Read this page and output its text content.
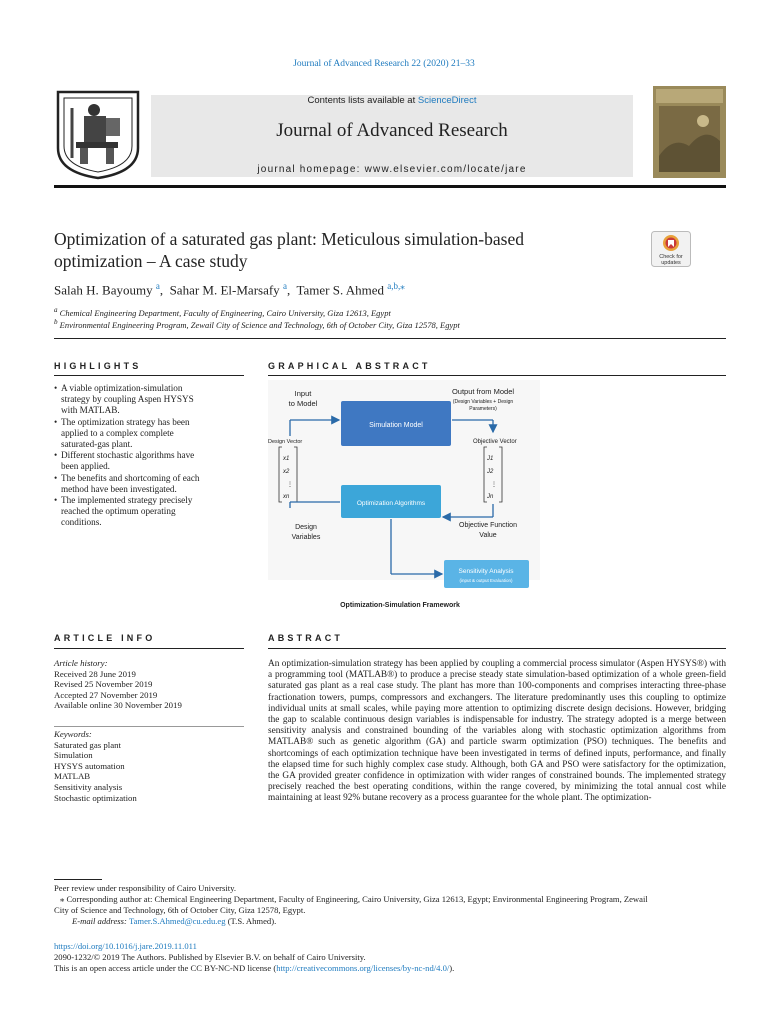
Journal of Advanced Research 22 (2020) 21–33
Contents lists available at ScienceDirect
Journal of Advanced Research
journal homepage: www.elsevier.com/locate/jare
Optimization of a saturated gas plant: Meticulous simulation-based
optimization – A case study	Check for
updates
Salah H. Bayoumy $^a$,  Sahar M. El-Marsafy $^a$,  Tamer S. Ahmed $^{a,b,⁎}$
$^a$ Chemical Engineering Department, Faculty of Engineering, Cairo University, Giza 12613, Egypt
$^b$ Environmental Engineering Program, Zewail City of Science and Technology, 6th of October City, Giza 12578, Egypt
HIGHLIGHTS
• A viable optimization-simulation
strategy by coupling Aspen HYSYS
with MATLAB.
• The optimization strategy has been
applied to a complex complete
saturated-gas plant.
• Different stochastic algorithms have
been applied.
• The benefits and shortcoming of each
method have been investigated.
• The implemented strategy precisely
reached the optimum operating
conditions.
GRAPHICAL ABSTRACT
Input
to Model
Output from Model
(Design Variables + Design
Parameters)
Simulation Model
Design Vector	Objective Vector
x1
x2
⋮
xn
J1
J2
⋮
Jn
Optimization Algorithms
Design
Variables
Objective Function
Value
Sensitivity Analysis
(input & output Evaluation)
Optimization-Simulation Framework
ARTICLE INFO
Article history:
Received 28 June 2019
Revised 25 November 2019
Accepted 27 November 2019
Available online 30 November 2019
Keywords:
Saturated gas plant
Simulation
HYSYS automation
MATLAB
Sensitivity analysis
Stochastic optimization
ABSTRACT
An optimization-simulation strategy has been applied by coupling a commercial process simulator (Aspen HYSYS®) with a programming tool (MATLAB®) to produce a precise steady state simulation-based optimization of a whole green-field saturated gas plant as a real case study. The plant has more than 100-components and comprises interacting three-phase fractionation towers, pumps, compressors and exchangers. The literature predominantly uses this coupling to optimize individual units at small scales, while paying more attention to optimizing discrete design decisions. However, bridging the gap to scalable continuous design variables is indispensable for industry. The strategy adopted is a merge between sensitivity analysis and constrained bounding of the variables along with stochastic optimization algorithms from MATLAB® such as genetic algorithm (GA) and particle swarm optimization (PSO) techniques. The benefits and shortcomings of each optimization technique have been investigated in terms of defined inputs, performance, and finally the elapsed time for such highly complex case study. Although, both GA and PSO were satisfactory for the optimization, the GA provided greater confidence in optimization with wider ranges of constrained bounds. The implemented strategy precisely reached the best operating conditions, within the range covered, by minimizing the total annual cost while maintaining at least 92% butane recovery as a process guarantee for the whole plant. The optimization-
Peer review under responsibility of Cairo University.
⁎ Corresponding author at: Chemical Engineering Department, Faculty of Engineering, Cairo University, Giza 12613, Egypt; Environmental Engineering Program, Zewail
City of Science and Technology, 6th of October City, Giza 12578, Egypt.
E-mail address: Tamer.S.Ahmed@cu.edu.eg (T.S. Ahmed).
https://doi.org/10.1016/j.jare.2019.11.011
2090-1232/© 2019 The Authors. Published by Elsevier B.V. on behalf of Cairo University.
This is an open access article under the CC BY-NC-ND license (http://creativecommons.org/licenses/by-nc-nd/4.0/).
